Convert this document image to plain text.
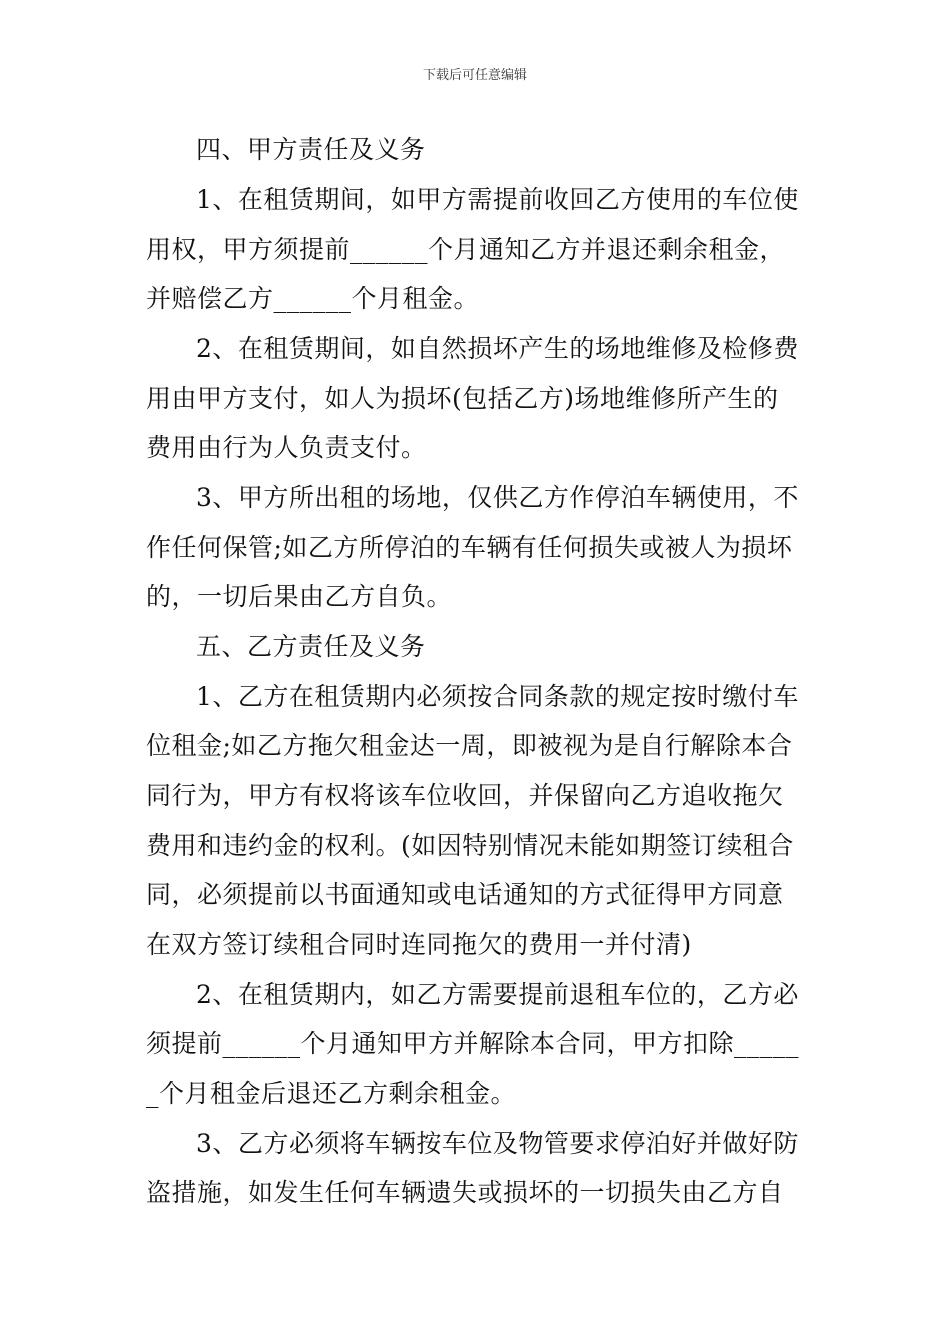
下载后可任意编辑
四、甲方责任及义务
1、在租赁期间，如甲方需提前收回乙方使用的车位使
用权，甲方须提前______个月通知乙方并退还剩余租金，
并赔偿乙方______个月租金。
2、在租赁期间，如自然损坏产生的场地维修及检修费
用由甲方支付，如人为损坏(包括乙方)场地维修所产生的
费用由行为人负责支付。
3、甲方所出租的场地，仅供乙方作停泊车辆使用，不
作任何保管;如乙方所停泊的车辆有任何损失或被人为损坏
的，一切后果由乙方自负。
五、乙方责任及义务
1、乙方在租赁期内必须按合同条款的规定按时缴付车
位租金;如乙方拖欠租金达一周，即被视为是自行解除本合
同行为，甲方有权将该车位收回，并保留向乙方追收拖欠
费用和违约金的权利。(如因特别情况未能如期签订续租合
同，必须提前以书面通知或电话通知的方式征得甲方同意
在双方签订续租合同时连同拖欠的费用一并付清)
2、在租赁期内，如乙方需要提前退租车位的，乙方必
须提前______个月通知甲方并解除本合同，甲方扣除_____
_个月租金后退还乙方剩余租金。
3、乙方必须将车辆按车位及物管要求停泊好并做好防
盗措施，如发生任何车辆遗失或损坏的一切损失由乙方自
